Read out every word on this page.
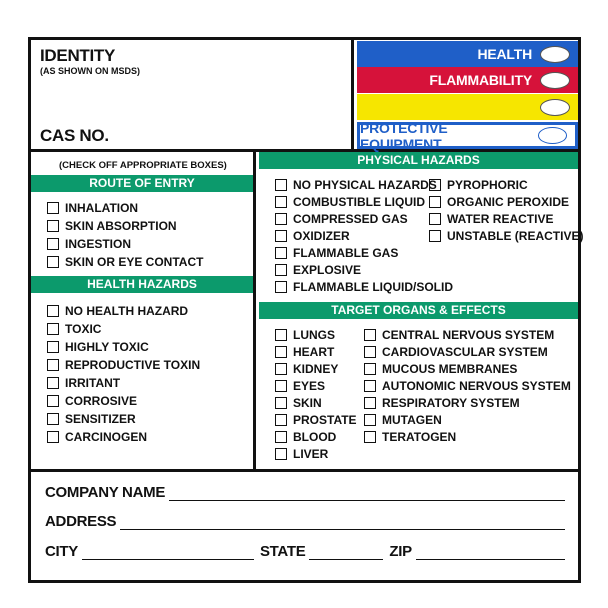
IDENTITY
(AS SHOWN ON MSDS)
CAS NO.
HEALTH
FLAMMABILITY
PROTECTIVE EQUIPMENT
(CHECK OFF APPROPRIATE BOXES)
ROUTE OF ENTRY
INHALATION
SKIN ABSORPTION
INGESTION
SKIN OR EYE CONTACT
HEALTH HAZARDS
NO HEALTH HAZARD
TOXIC
HIGHLY TOXIC
REPRODUCTIVE TOXIN
IRRITANT
CORROSIVE
SENSITIZER
CARCINOGEN
PHYSICAL HAZARDS
NO PHYSICAL HAZARDS
COMBUSTIBLE LIQUID
COMPRESSED GAS
OXIDIZER
FLAMMABLE GAS
EXPLOSIVE
FLAMMABLE LIQUID/SOLID
PYROPHORIC
ORGANIC PEROXIDE
WATER REACTIVE
UNSTABLE (REACTIVE)
TARGET ORGANS & EFFECTS
LUNGS
HEART
KIDNEY
EYES
SKIN
PROSTATE
BLOOD
LIVER
CENTRAL NERVOUS SYSTEM
CARDIOVASCULAR SYSTEM
MUCOUS MEMBRANES
AUTONOMIC NERVOUS SYSTEM
RESPIRATORY SYSTEM
MUTAGEN
TERATOGEN
COMPANY NAME
ADDRESS
CITY	STATE	ZIP
